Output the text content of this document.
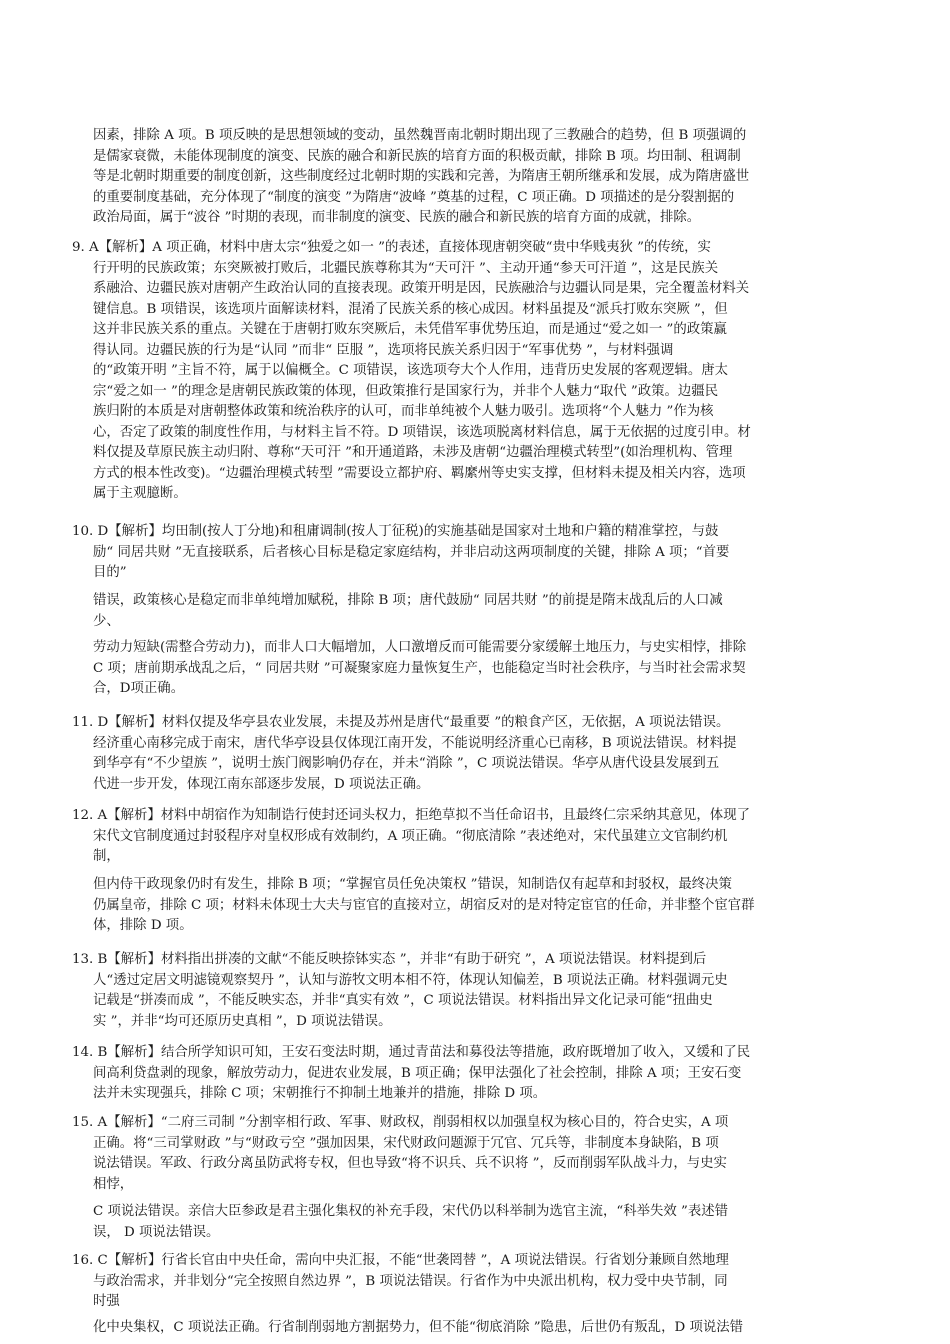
因素，排除 A 项。B 项反映的是思想领域的变动，虽然魏晋南北朝时期出现了三教融合的趋势，但 B 项强调的
是儒家衰微，未能体现制度的演变、民族的融合和新民族的培育方面的积极贡献，排除 B 项。均田制、租调制
等是北朝时期重要的制度创新，这些制度经过北朝时期的实践和完善，为隋唐王朝所继承和发展，成为隋唐盛世
的重要制度基础，充分体现了“制度的演变 ”为隋唐“波峰 ”奠基的过程，C 项正确。D 项描述的是分裂割据的
政治局面，属于“波谷 ”时期的表现，而非制度的演变、民族的融合和新民族的培育方面的成就，排除。
9. A【解析】A 项正确，材料中唐太宗“独爱之如一 ”的表述，直接体现唐朝突破“贵中华贱夷狄 ”的传统，实
行开明的民族政策；东突厥被打败后，北疆民族尊称其为“天可汗 ”、主动开通“参天可汗道 ”，这是民族关
系融洽、边疆民族对唐朝产生政治认同的直接表现。政策开明是因，民族融洽与边疆认同是果，完全覆盖材料关
键信息。B 项错误，该选项片面解读材料，混淆了民族关系的核心成因。材料虽提及“派兵打败东突厥 ”，但
这并非民族关系的重点。关键在于唐朝打败东突厥后，未凭借军事优势压迫，而是通过“爱之如一 ”的政策赢
得认同。边疆民族的行为是“认同 ”而非“ 臣服 ”，选项将民族关系归因于“军事优势 ”，与材料强调
的“政策开明 ”主旨不符，属于以偏概全。C 项错误，该选项夸大个人作用，违背历史发展的客观逻辑。唐太
宗“爱之如一 ”的理念是唐朝民族政策的体现，但政策推行是国家行为，并非个人魅力“取代 ”政策。边疆民
族归附的本质是对唐朝整体政策和统治秩序的认可，而非单纯被个人魅力吸引。选项将“个人魅力 ”作为核
心，否定了政策的制度性作用，与材料主旨不符。D 项错误，该选项脱离材料信息，属于无依据的过度引申。材
料仅提及草原民族主动归附、尊称“天可汗 ”和开通道路，未涉及唐朝“边疆治理模式转型”(如治理机构、管理
方式的根本性改变)。“边疆治理模式转型 ”需要设立都护府、羁縻州等史实支撑，但材料未提及相关内容，选项
属于主观臆断。
10. D【解析】均田制(按人丁分地)和租庸调制(按人丁征税)的实施基础是国家对土地和户籍的精准掌控，与鼓
励“ 同居共财 ”无直接联系，后者核心目标是稳定家庭结构，并非启动这两项制度的关键，排除 A 项；“首要
目的”
错误，政策核心是稳定而非单纯增加赋税，排除 B 项；唐代鼓励“ 同居共财 ”的前提是隋末战乱后的人口减
少、
劳动力短缺(需整合劳动力)，而非人口大幅增加，人口激增反而可能需要分家缓解土地压力，与史实相悖，排除
C 项；唐前期承战乱之后，“ 同居共财 ”可凝聚家庭力量恢复生产，也能稳定当时社会秩序，与当时社会需求契
合，D项正确。
11. D【解析】材料仅提及华亭县农业发展，未提及苏州是唐代“最重要 ”的粮食产区，无依据，A 项说法错误。
经济重心南移完成于南宋，唐代华亭设县仅体现江南开发，不能说明经济重心已南移，B 项说法错误。材料提
到华亭有“不少望族 ”，说明士族门阀影响仍存在，并未“消除 ”，C 项说法错误。华亭从唐代设县发展到五
代进一步开发，体现江南东部逐步发展，D 项说法正确。
12. A【解析】材料中胡宿作为知制诰行使封还词头权力，拒绝草拟不当任命诏书，且最终仁宗采纳其意见，体现了
宋代文官制度通过封驳程序对皇权形成有效制约，A 项正确。“彻底清除 ”表述绝对，宋代虽建立文官制约机
制，
但内侍干政现象仍时有发生，排除 B 项；“掌握官员任免决策权 ”错误，知制诰仅有起草和封驳权，最终决策
仍属皇帝，排除 C 项；材料未体现士大夫与宦官的直接对立，胡宿反对的是对特定宦官的任命，并非整个宦官群
体，排除 D 项。
13. B【解析】材料指出拼凑的文献“不能反映捺钵实态 ”，并非“有助于研究 ”，A 项说法错误。材料提到后
人“透过定居文明滤镜观察契丹 ”，认知与游牧文明本相不符，体现认知偏差，B 项说法正确。材料强调元史
记载是“拼凑而成 ”，不能反映实态，并非“真实有效 ”，C 项说法错误。材料指出异文化记录可能“扭曲史
实 ”，并非“均可还原历史真相 ”，D 项说法错误。
14. B【解析】结合所学知识可知，王安石变法时期，通过青苗法和募役法等措施，政府既增加了收入，又缓和了民
间高利贷盘剥的现象，解放劳动力，促进农业发展，B 项正确；保甲法强化了社会控制，排除 A 项；王安石变
法并未实现强兵，排除 C 项；宋朝推行不抑制土地兼并的措施，排除 D 项。
15. A【解析】“二府三司制 ”分割宰相行政、军事、财政权，削弱相权以加强皇权为核心目的，符合史实，A 项
正确。将“三司掌财政 ”与“财政亏空 ”强加因果，宋代财政问题源于冗官、冗兵等，非制度本身缺陷，B 项
说法错误。军政、行政分离虽防武将专权，但也导致“将不识兵、兵不识将 ”，反而削弱军队战斗力，与史实
相悖，
C 项说法错误。亲信大臣参政是君主强化集权的补充手段，宋代仍以科举制为选官主流，“科举失效 ”表述错
误， D 项说法错误。
16. C【解析】行省长官由中央任命，需向中央汇报，不能“世袭罔替 ”，A 项说法错误。行省划分兼顾自然地理
与政治需求，并非划分“完全按照自然边界 ”，B 项说法错误。行省作为中央派出机构，权力受中央节制，同
时强
化中央集权，C 项说法正确。行省制削弱地方割据势力，但不能“彻底消除 ”隐患，后世仍有叛乱，D 项说法错
